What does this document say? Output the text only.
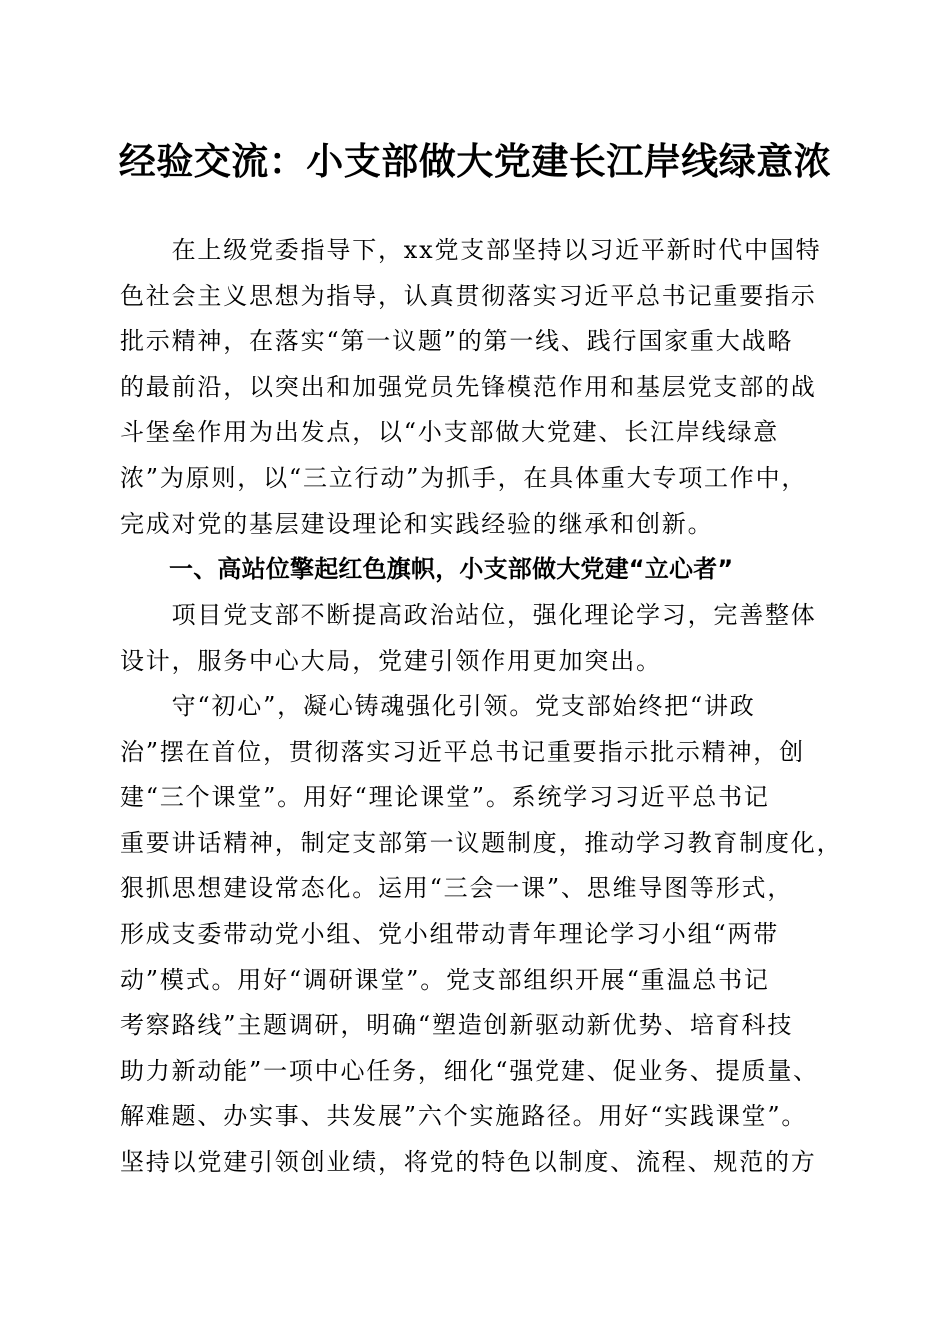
经验交流：小支部做大党建长江岸线绿意浓
　　在上级党委指导下，xx党支部坚持以习近平新时代中国特
色社会主义思想为指导，认真贯彻落实习近平总书记重要指示
批示精神，在落实“第一议题”的第一线、践行国家重大战略
的最前沿，以突出和加强党员先锋模范作用和基层党支部的战
斗堡垒作用为出发点，以“小支部做大党建、长江岸线绿意
浓”为原则，以“三立行动”为抓手，在具体重大专项工作中，
完成对党的基层建设理论和实践经验的继承和创新。
一、高站位擎起红色旗帜，小支部做大党建“立心者”
　　项目党支部不断提高政治站位，强化理论学习，完善整体
设计，服务中心大局，党建引领作用更加突出。
　　守“初心”，凝心铸魂强化引领。党支部始终把“讲政
治”摆在首位，贯彻落实习近平总书记重要指示批示精神，创
建“三个课堂”。用好“理论课堂”。系统学习习近平总书记
重要讲话精神，制定支部第一议题制度，推动学习教育制度化，
狠抓思想建设常态化。运用“三会一课”、思维导图等形式，
形成支委带动党小组、党小组带动青年理论学习小组“两带
动”模式。用好“调研课堂”。党支部组织开展“重温总书记
考察路线”主题调研，明确“塑造创新驱动新优势、培育科技
助力新动能”一项中心任务，细化“强党建、促业务、提质量、
解难题、办实事、共发展”六个实施路径。用好“实践课堂”。
坚持以党建引领创业绩，将党的特色以制度、流程、规范的方
